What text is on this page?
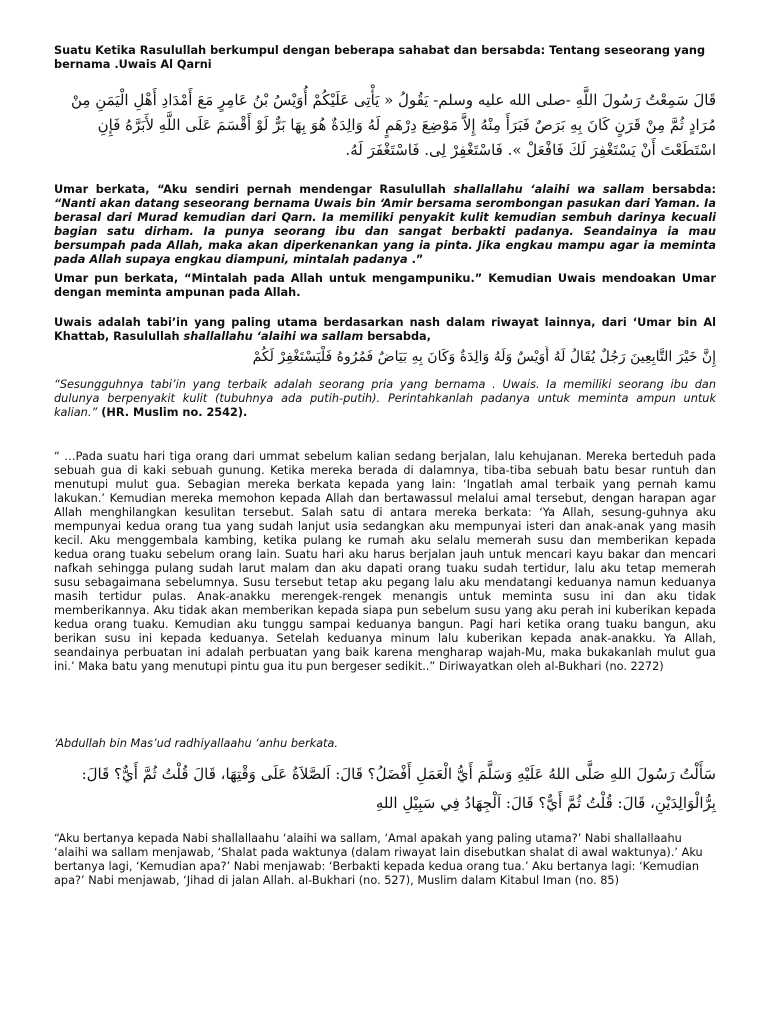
Suatu Ketika Rasulullah berkumpul dengan beberapa sahabat dan bersabda: Tentang seseorang yang bernama .Uwais Al Qarni

قَالَ سَمِعْتُ رَسُولَ اللَّهِ -صلى الله عليه وسلم- يَقُولُ « يَأْتِى عَلَيْكُمْ أُوَيْسُ بْنُ عَامِرٍ مَعَ أَمْدَادِ أَهْلِ الْيَمَنِ مِنْ مُرَادٍ ثُمَّ مِنْ قَرَنٍ كَانَ بِهِ بَرَصٌ فَبَرَأَ مِنْهُ إِلاَّ مَوْضِعَ دِرْهَمٍ لَهُ وَالِدَةٌ هُوَ بِهَا بَرٌّ لَوْ أَقْسَمَ عَلَى اللَّهِ لأَبَرَّهُ فَإِنِ اسْتَطَعْتَ أَنْ يَسْتَغْفِرَ لَكَ فَافْعَلْ ». فَاسْتَغْفِرْ لِى. فَاسْتَغْفَرَ لَهُ.

Umar berkata, “Aku sendiri pernah mendengar Rasulullah shallallahu ‘alaihi wa sallam bersabda: “Nanti akan datang seseorang bernama Uwais bin ‘Amir bersama serombongan pasukan dari Yaman. Ia berasal dari Murad kemudian dari Qarn. Ia memiliki penyakit kulit kemudian sembuh darinya kecuali bagian satu dirham. Ia punya seorang ibu dan sangat berbakti padanya. Seandainya ia mau bersumpah pada Allah, maka akan diperkenankan yang ia pinta. Jika engkau mampu agar ia meminta pada Allah supaya engkau diampuni, mintalah padanya .”

Umar pun berkata, “Mintalah pada Allah untuk mengampuniku.” Kemudian Uwais mendoakan Umar dengan meminta ampunan pada Allah.

Uwais adalah tabi’in yang paling utama berdasarkan nash dalam riwayat lainnya, dari ‘Umar bin Al Khattab, Rasulullah shallallahu ‘alaihi wa sallam bersabda,

إِنَّ خَيْرَ التَّابِعِينَ رَجُلٌ يُقَالُ لَهُ أُوَيْسٌ وَلَهُ وَالِدَةٌ وَكَانَ بِهِ بَيَاضٌ فَمُرُوهُ فَلْيَسْتَغْفِرْ لَكُمْ

“Sesungguhnya tabi’in yang terbaik adalah seorang pria yang bernama . Uwais. Ia memiliki seorang ibu dan dulunya berpenyakit kulit (tubuhnya ada putih-putih). Perintahkanlah padanya untuk meminta ampun untuk kalian.” (HR. Muslim no. 2542).

“ …Pada suatu hari tiga orang dari ummat sebelum kalian sedang berjalan, lalu kehujanan. Mereka berteduh pada sebuah gua di kaki sebuah gunung. Ketika mereka berada di dalamnya, tiba-tiba sebuah batu besar runtuh dan menutupi mulut gua. Sebagian mereka berkata kepada yang lain: ‘Ingatlah amal terbaik yang pernah kamu lakukan.’ Kemudian mereka memohon kepada Allah dan bertawassul melalui amal tersebut, dengan harapan agar Allah menghilangkan kesulitan tersebut. Salah satu di antara mereka berkata: ‘Ya Allah, sesung-guhnya aku mempunyai kedua orang tua yang sudah lanjut usia sedangkan aku mempunyai isteri dan anak-anak yang masih kecil. Aku menggembala kambing, ketika pulang ke rumah aku selalu memerah susu dan memberikan kepada kedua orang tuaku sebelum orang lain. Suatu hari aku harus berjalan jauh untuk mencari kayu bakar dan mencari nafkah sehingga pulang sudah larut malam dan aku dapati orang tuaku sudah tertidur, lalu aku tetap memerah susu sebagaimana sebelumnya. Susu tersebut tetap aku pegang lalu aku mendatangi keduanya namun keduanya masih tertidur pulas. Anak-anakku merengek-rengek menangis untuk meminta susu ini dan aku tidak memberikannya. Aku tidak akan memberikan kepada siapa pun sebelum susu yang aku perah ini kuberikan kepada kedua orang tuaku. Kemudian aku tunggu sampai keduanya bangun. Pagi hari ketika orang tuaku bangun, aku berikan susu ini kepada keduanya. Setelah keduanya minum lalu kuberikan kepada anak-anakku. Ya Allah, seandainya perbuatan ini adalah perbuatan yang baik karena mengharap wajah-Mu, maka bukakanlah mulut gua ini.’ Maka batu yang menutupi pintu gua itu pun bergeser sedikit..” Diriwayatkan oleh al-Bukhari (no. 2272)

‘Abdullah bin Mas’ud radhiyallaahu ‘anhu berkata.

سَأَلْتُ رَسُولَ اللهِ صَلَّى اللهُ عَلَيْهِ وَسَلَّمَ أَيُّ الْعَمَلِ أَفْضَلُ؟ قَالَ: اَلصَّلاَةُ عَلَى وَقْتِهَا، قَالَ قُلْتُ ثُمَّ أَيٌّ؟ قَالَ: بِرُّالْوَالِدَيْنِ، قَالَ: قُلْتُ ثُمَّ أَيٌّ؟ قَالَ: اَلْجِهَادُ فِي سَبِيْلِ اللهِ

“Aku bertanya kepada Nabi shallallaahu ‘alaihi wa sallam, ‘Amal apakah yang paling utama?’ Nabi shallallaahu ‘alaihi wa sallam menjawab, ‘Shalat pada waktunya (dalam riwayat lain disebutkan shalat di awal waktunya).’ Aku bertanya lagi, ‘Kemudian apa?’ Nabi menjawab: ‘Berbakti kepada kedua orang tua.’ Aku bertanya lagi: ‘Kemudian apa?’ Nabi menjawab, ‘Jihad di jalan Allah. al-Bukhari (no. 527), Muslim dalam Kitabul Iman (no. 85)
